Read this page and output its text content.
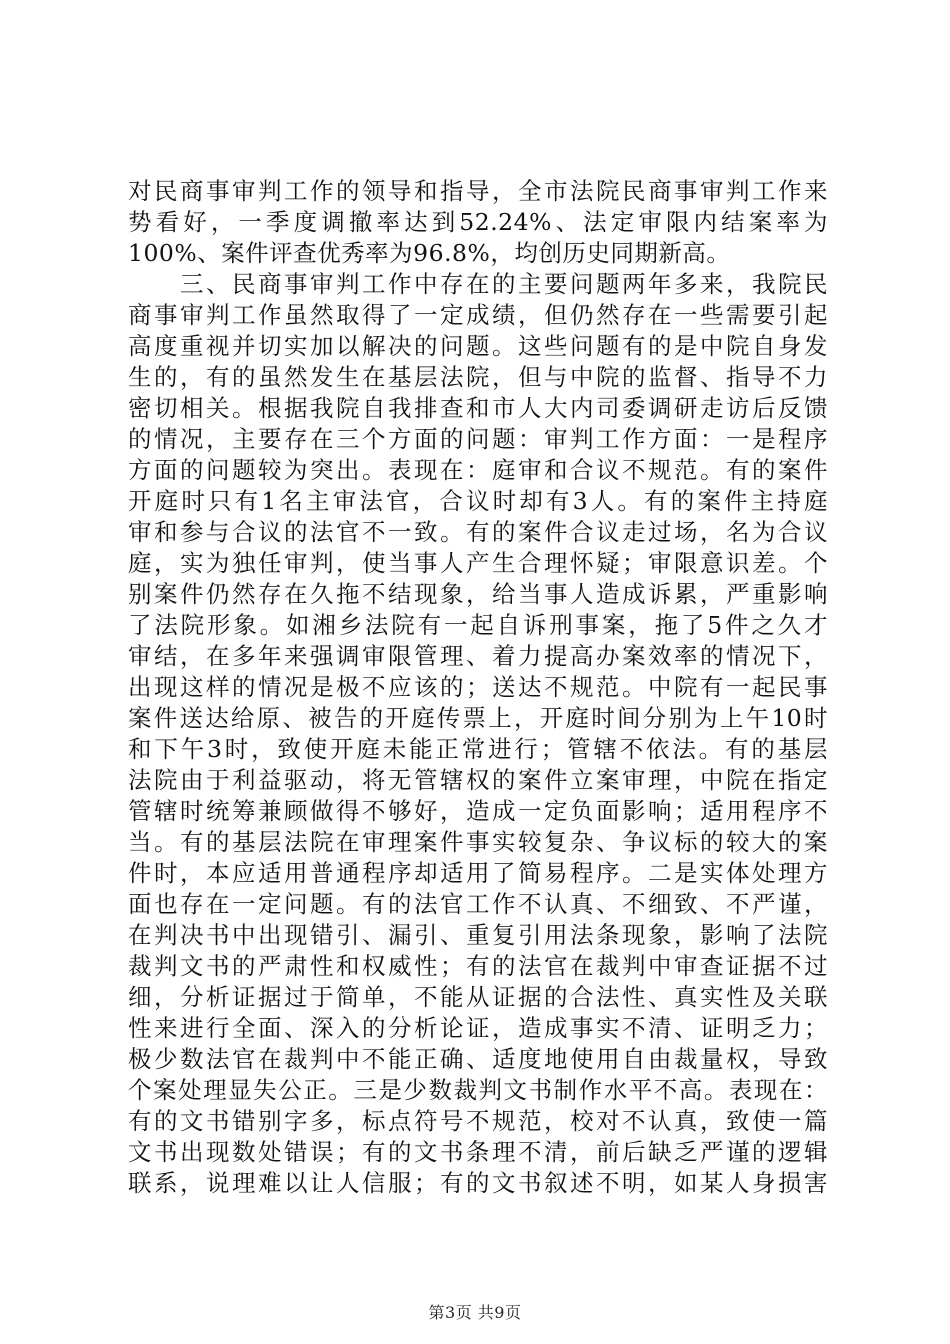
对民商事审判工作的领导和指导，全市法院民商事审判工作来
势看好，一季度调撤率达到52.24%、法定审限内结案率为
100%、案件评查优秀率为96.8%，均创历史同期新高。
　　三、民商事审判工作中存在的主要问题两年多来，我院民
商事审判工作虽然取得了一定成绩，但仍然存在一些需要引起
高度重视并切实加以解决的问题。这些问题有的是中院自身发
生的，有的虽然发生在基层法院，但与中院的监督、指导不力
密切相关。根据我院自我排查和市人大内司委调研走访后反馈
的情况，主要存在三个方面的问题：审判工作方面：一是程序
方面的问题较为突出。表现在：庭审和合议不规范。有的案件
开庭时只有1名主审法官，合议时却有3人。有的案件主持庭
审和参与合议的法官不一致。有的案件合议走过场，名为合议
庭，实为独任审判，使当事人产生合理怀疑；审限意识差。个
别案件仍然存在久拖不结现象，给当事人造成诉累，严重影响
了法院形象。如湘乡法院有一起自诉刑事案，拖了5件之久才
审结，在多年来强调审限管理、着力提高办案效率的情况下，
出现这样的情况是极不应该的；送达不规范。中院有一起民事
案件送达给原、被告的开庭传票上，开庭时间分别为上午10时
和下午3时，致使开庭未能正常进行；管辖不依法。有的基层
法院由于利益驱动，将无管辖权的案件立案审理，中院在指定
管辖时统筹兼顾做得不够好，造成一定负面影响；适用程序不
当。有的基层法院在审理案件事实较复杂、争议标的较大的案
件时，本应适用普通程序却适用了简易程序。二是实体处理方
面也存在一定问题。有的法官工作不认真、不细致、不严谨，
在判决书中出现错引、漏引、重复引用法条现象，影响了法院
裁判文书的严肃性和权威性；有的法官在裁判中审查证据不过
细，分析证据过于简单，不能从证据的合法性、真实性及关联
性来进行全面、深入的分析论证，造成事实不清、证明乏力；
极少数法官在裁判中不能正确、适度地使用自由裁量权，导致
个案处理显失公正。三是少数裁判文书制作水平不高。表现在：
有的文书错别字多，标点符号不规范，校对不认真，致使一篇
文书出现数处错误；有的文书条理不清，前后缺乏严谨的逻辑
联系，说理难以让人信服；有的文书叙述不明，如某人身损害
第3页 共9页
